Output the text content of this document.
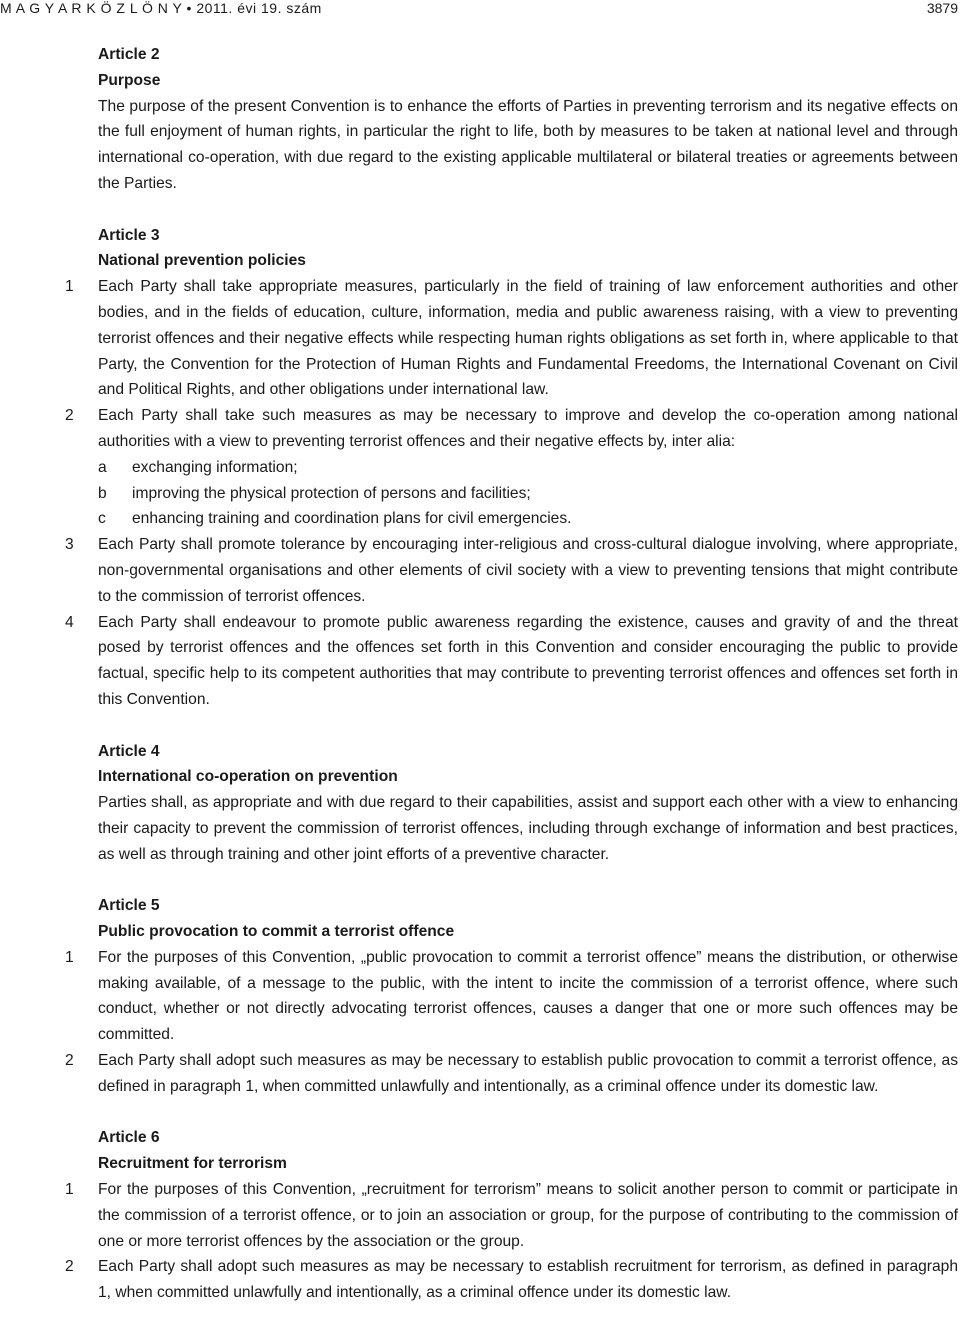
M A G Y A R K Ö Z L Ö N Y • 2011. évi 19. szám	3879
Article 2
Purpose

The purpose of the present Convention is to enhance the efforts of Parties in preventing terrorism and its negative effects on the full enjoyment of human rights, in particular the right to life, both by measures to be taken at national level and through international co-operation, with due regard to the existing applicable multilateral or bilateral treaties or agreements between the Parties.

Article 3
National prevention policies
1 Each Party shall take appropriate measures, particularly in the field of training of law enforcement authorities and other bodies, and in the fields of education, culture, information, media and public awareness raising, with a view to preventing terrorist offences and their negative effects while respecting human rights obligations as set forth in, where applicable to that Party, the Convention for the Protection of Human Rights and Fundamental Freedoms, the International Covenant on Civil and Political Rights, and other obligations under international law.

2 Each Party shall take such measures as may be necessary to improve and develop the co-operation among national authorities with a view to preventing terrorist offences and their negative effects by, inter alia:

a exchanging information;

b improving the physical protection of persons and facilities;

c enhancing training and coordination plans for civil emergencies.

3 Each Party shall promote tolerance by encouraging inter-religious and cross-cultural dialogue involving, where appropriate, non-governmental organisations and other elements of civil society with a view to preventing tensions that might contribute to the commission of terrorist offences.

4 Each Party shall endeavour to promote public awareness regarding the existence, causes and gravity of and the threat posed by terrorist offences and the offences set forth in this Convention and consider encouraging the public to provide factual, specific help to its competent authorities that may contribute to preventing terrorist offences and offences set forth in this Convention.

Article 4
International co-operation on prevention

Parties shall, as appropriate and with due regard to their capabilities, assist and support each other with a view to enhancing their capacity to prevent the commission of terrorist offences, including through exchange of information and best practices, as well as through training and other joint efforts of a preventive character.

Article 5
Public provocation to commit a terrorist offence
1 For the purposes of this Convention, „public provocation to commit a terrorist offence” means the distribution, or otherwise making available, of a message to the public, with the intent to incite the commission of a terrorist offence, where such conduct, whether or not directly advocating terrorist offences, causes a danger that one or more such offences may be committed.

2 Each Party shall adopt such measures as may be necessary to establish public provocation to commit a terrorist offence, as defined in paragraph 1, when committed unlawfully and intentionally, as a criminal offence under its domestic law.

Article 6
Recruitment for terrorism
1 For the purposes of this Convention, „recruitment for terrorism” means to solicit another person to commit or participate in the commission of a terrorist offence, or to join an association or group, for the purpose of contributing to the commission of one or more terrorist offences by the association or the group.

2 Each Party shall adopt such measures as may be necessary to establish recruitment for terrorism, as defined in paragraph 1, when committed unlawfully and intentionally, as a criminal offence under its domestic law.
